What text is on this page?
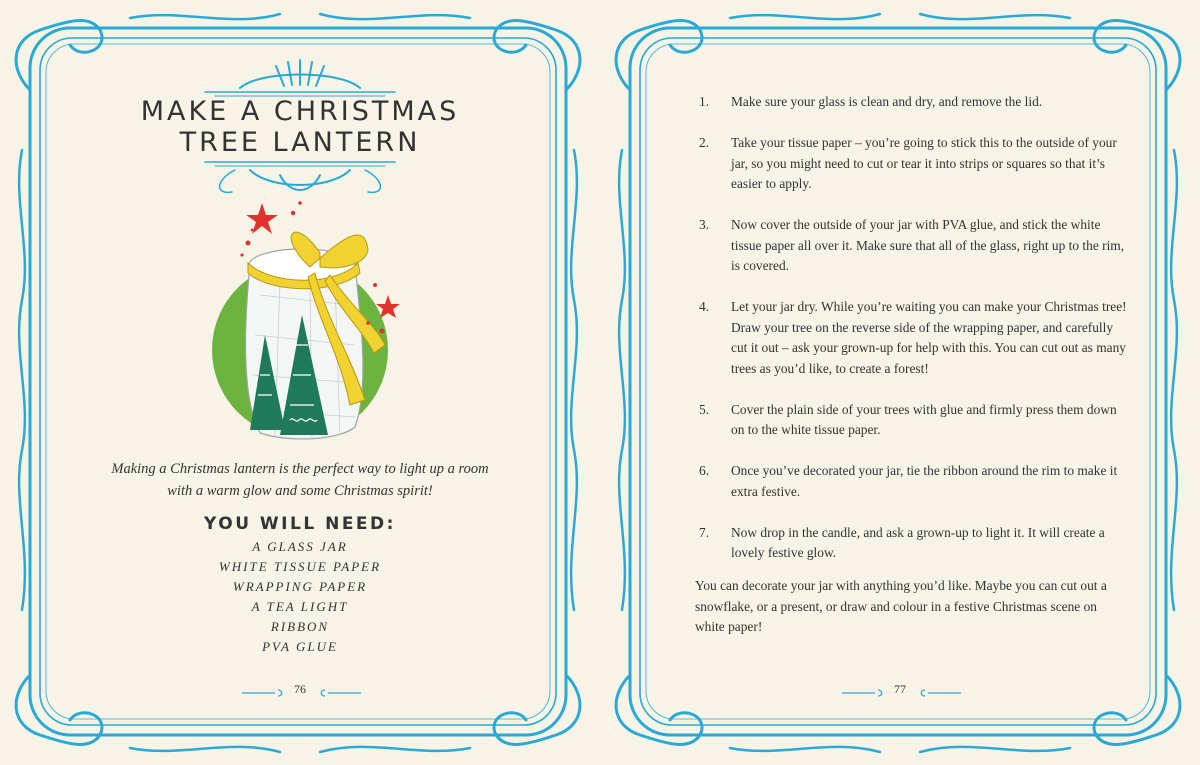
MAKE A CHRISTMAS
TREE LANTERN

Making a Christmas lantern is the perfect way to light up a room with a warm glow and some Christmas spirit!

YOU WILL NEED:
A GLASS JAR
WHITE TISSUE PAPER
WRAPPING PAPER
A TEA LIGHT
RIBBON
PVA GLUE
76
1. Make sure your glass is clean and dry, and remove the lid.
2. Take your tissue paper – you’re going to stick this to the outside of your jar, so you might need to cut or tear it into strips or squares so that it’s easier to apply.
3. Now cover the outside of your jar with PVA glue, and stick the white tissue paper all over it. Make sure that all of the glass, right up to the rim, is covered.
4. Let your jar dry. While you’re waiting you can make your Christmas tree! Draw your tree on the reverse side of the wrapping paper, and carefully cut it out – ask your grown-up for help with this. You can cut out as many trees as you’d like, to create a forest!
5. Cover the plain side of your trees with glue and firmly press them down on to the white tissue paper.
6. Once you’ve decorated your jar, tie the ribbon around the rim to make it extra festive.
7. Now drop in the candle, and ask a grown-up to light it. It will create a lovely festive glow.

You can decorate your jar with anything you’d like. Maybe you can cut out a snowflake, or a present, or draw and colour in a festive Christmas scene on white paper!

77
